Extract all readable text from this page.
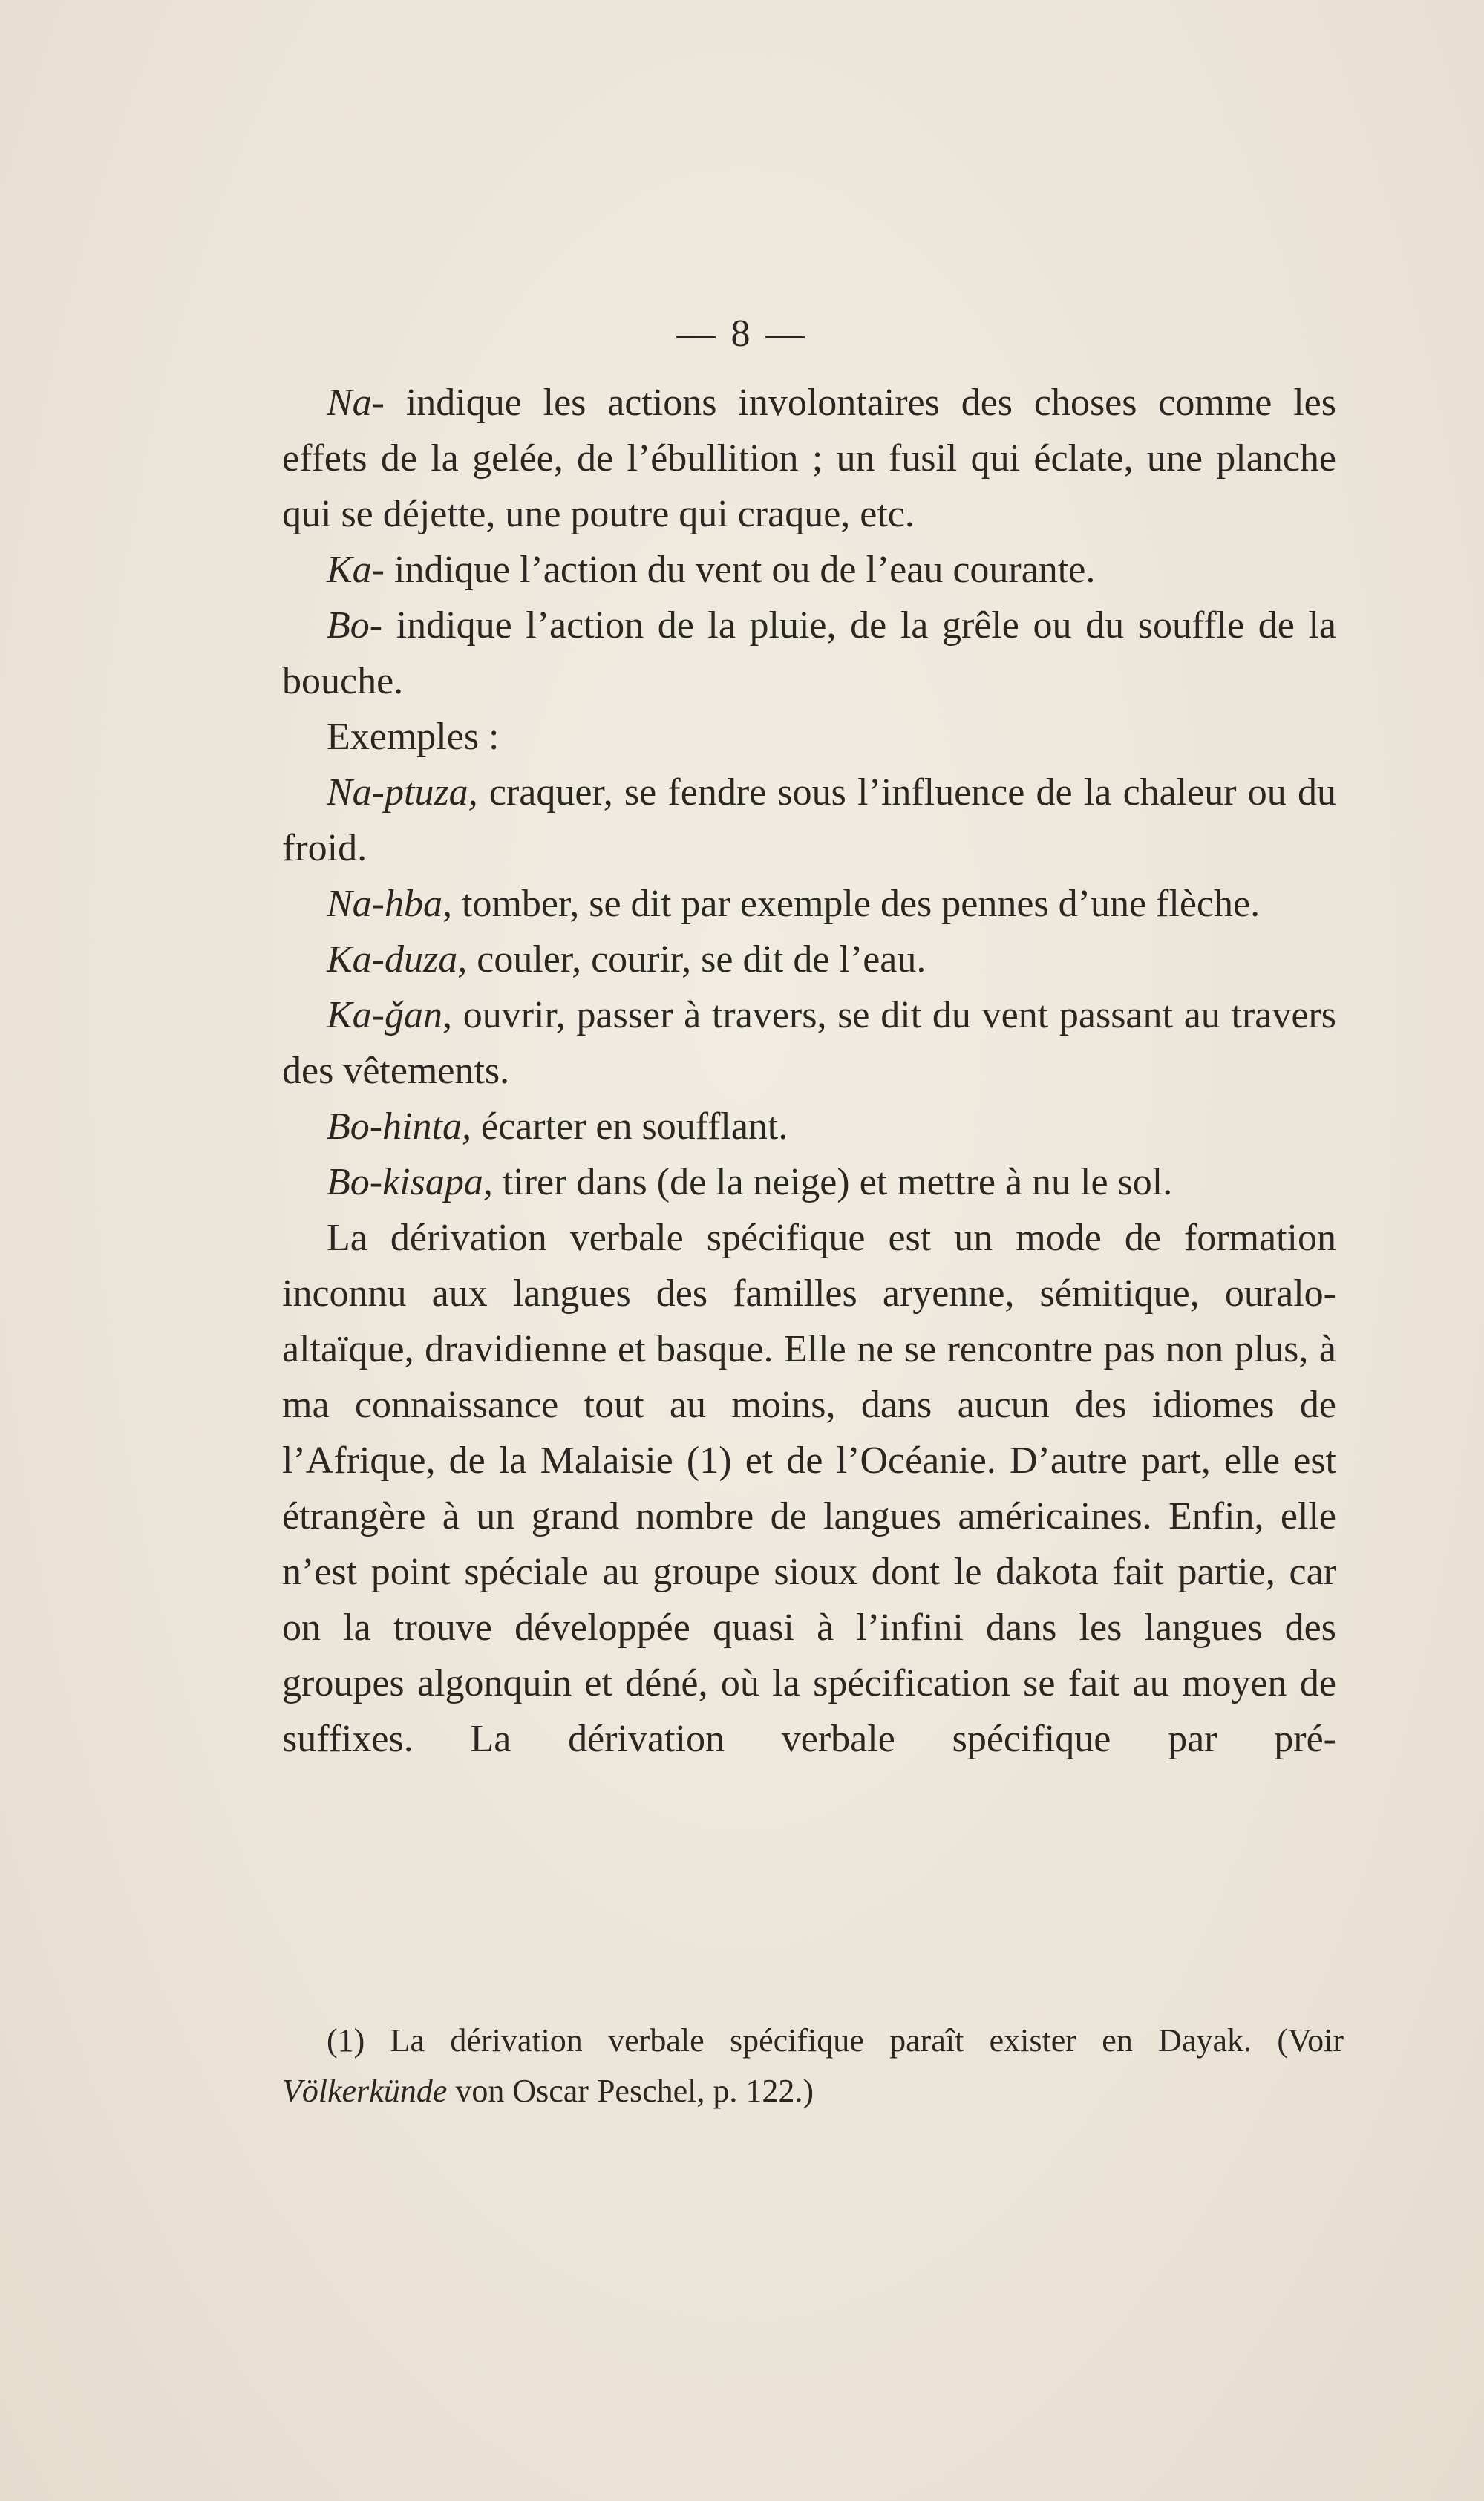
— 8 —

Na- indique les actions involontaires des choses comme les effets de la gelée, de l’ébullition ; un fusil qui éclate, une planche qui se déjette, une poutre qui craque, etc.

Ka- indique l’action du vent ou de l’eau courante.

Bo- indique l’action de la pluie, de la grêle ou du souffle de la bouche.

Exemples :

Na-ptuza, craquer, se fendre sous l’influence de la chaleur ou du froid.

Na-hba, tomber, se dit par exemple des pennes d’une flèche.

Ka-duza, couler, courir, se dit de l’eau.

Ka-ǧan, ouvrir, passer à travers, se dit du vent passant au travers des vêtements.

Bo-hinta, écarter en soufflant.

Bo-kisapa, tirer dans (de la neige) et mettre à nu le sol.

La dérivation verbale spécifique est un mode de formation inconnu aux langues des familles aryenne, sémitique, ouralo-altaïque, dravidienne et basque. Elle ne se rencontre pas non plus, à ma connaissance tout au moins, dans aucun des idiomes de l’Afrique, de la Malaisie (1) et de l’Océanie. D’autre part, elle est étrangère à un grand nombre de langues américaines. Enfin, elle n’est point spéciale au groupe sioux dont le dakota fait partie, car on la trouve développée quasi à l’infini dans les langues des groupes algonquin et déné, où la spécification se fait au moyen de suffixes. La dérivation verbale spécifique par pré-

(1) La dérivation verbale spécifique paraît exister en Dayak. (Voir Völkerkünde von Oscar Peschel, p. 122.)
